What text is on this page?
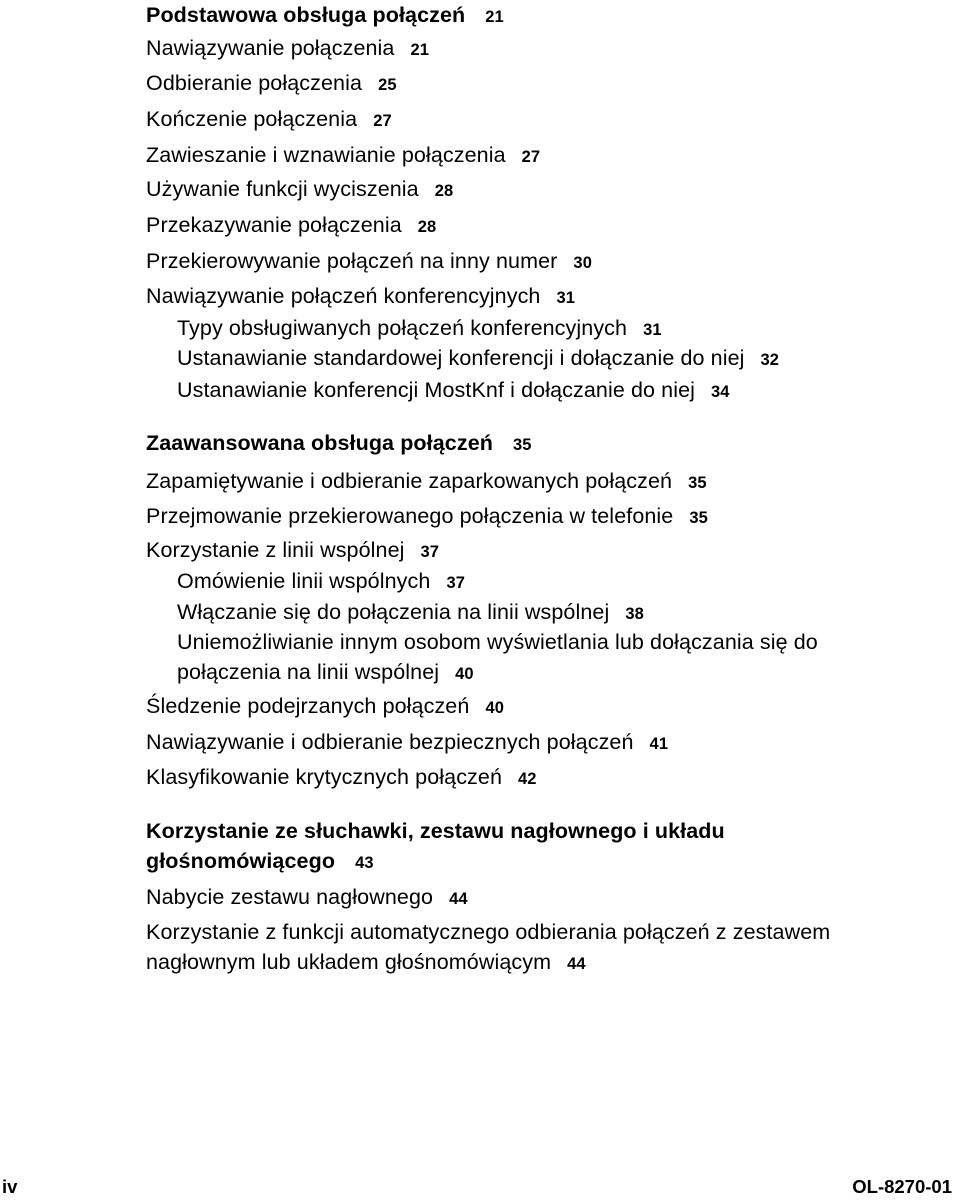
Podstawowa obsługa połączeń 21
Nawiązywanie połączenia 21
Odbieranie połączenia 25
Kończenie połączenia 27
Zawieszanie i wznawianie połączenia 27
Używanie funkcji wyciszenia 28
Przekazywanie połączenia 28
Przekierowywanie połączeń na inny numer 30
Nawiązywanie połączeń konferencyjnych 31
Typy obsługiwanych połączeń konferencyjnych 31
Ustanawianie standardowej konferencji i dołączanie do niej 32
Ustanawianie konferencji MostKnf i dołączanie do niej 34
Zaawansowana obsługa połączeń 35
Zapamiętywanie i odbieranie zaparkowanych połączeń 35
Przejmowanie przekierowanego połączenia w telefonie 35
Korzystanie z linii wspólnej 37
Omówienie linii wspólnych 37
Włączanie się do połączenia na linii wspólnej 38
Uniemożliwianie innym osobom wyświetlania lub dołączania się do
połączenia na linii wspólnej 40
Śledzenie podejrzanych połączeń 40
Nawiązywanie i odbieranie bezpiecznych połączeń 41
Klasyfikowanie krytycznych połączeń 42
Korzystanie ze słuchawki, zestawu nagłownego i układu
głośnomówiącego 43
Nabycie zestawu nagłownego 44
Korzystanie z funkcji automatycznego odbierania połączeń z zestawem
nagłownym lub układem głośnomówiącym 44
iv	OL-8270-01
